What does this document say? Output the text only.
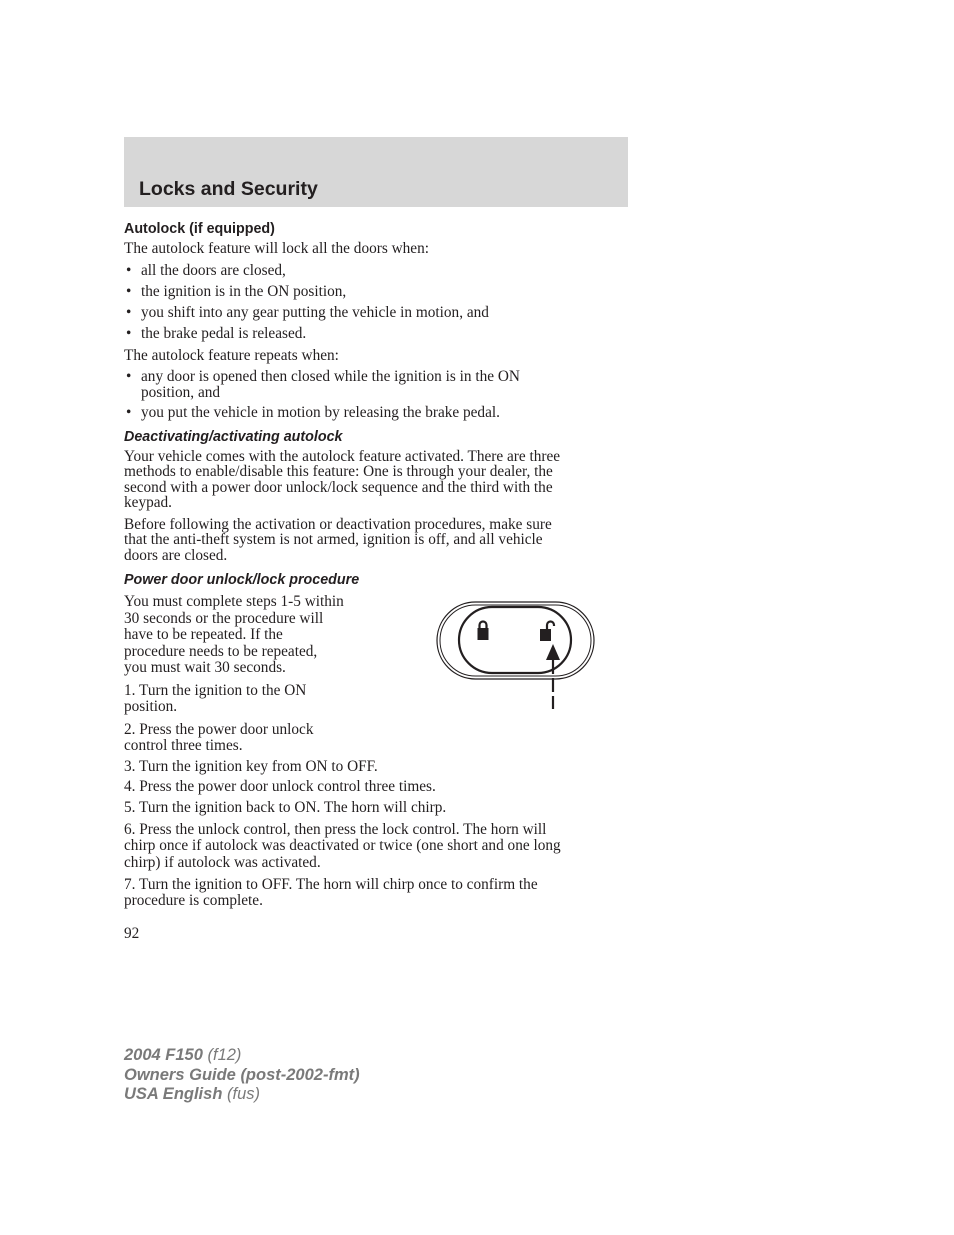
Locks and Security
Autolock (if equipped)

The autolock feature will lock all the doors when:

• all the doors are closed,

• the ignition is in the ON position,

• you shift into any gear putting the vehicle in motion, and

• the brake pedal is released.

The autolock feature repeats when:

• any door is opened then closed while the ignition is in the ON
position, and

• you put the vehicle in motion by releasing the brake pedal.

Deactivating/activating autolock

Your vehicle comes with the autolock feature activated. There are three
methods to enable/disable this feature: One is through your dealer, the
second with a power door unlock/lock sequence and the third with the
keypad.

Before following the activation or deactivation procedures, make sure
that the anti-theft system is not armed, ignition is off, and all vehicle
doors are closed.

Power door unlock/lock procedure

You must complete steps 1-5 within
30 seconds or the procedure will
have to be repeated. If the
procedure needs to be repeated,
you must wait 30 seconds.

1. Turn the ignition to the ON
position.

2. Press the power door unlock
control three times.

3. Turn the ignition key from ON to OFF.

4. Press the power door unlock control three times.

5. Turn the ignition back to ON. The horn will chirp.

6. Press the unlock control, then press the lock control. The horn will
chirp once if autolock was deactivated or twice (one short and one long
chirp) if autolock was activated.

7. Turn the ignition to OFF. The horn will chirp once to confirm the
procedure is complete.

92
2004 F150 (f12)
Owners Guide (post-2002-fmt)
USA English (fus)
